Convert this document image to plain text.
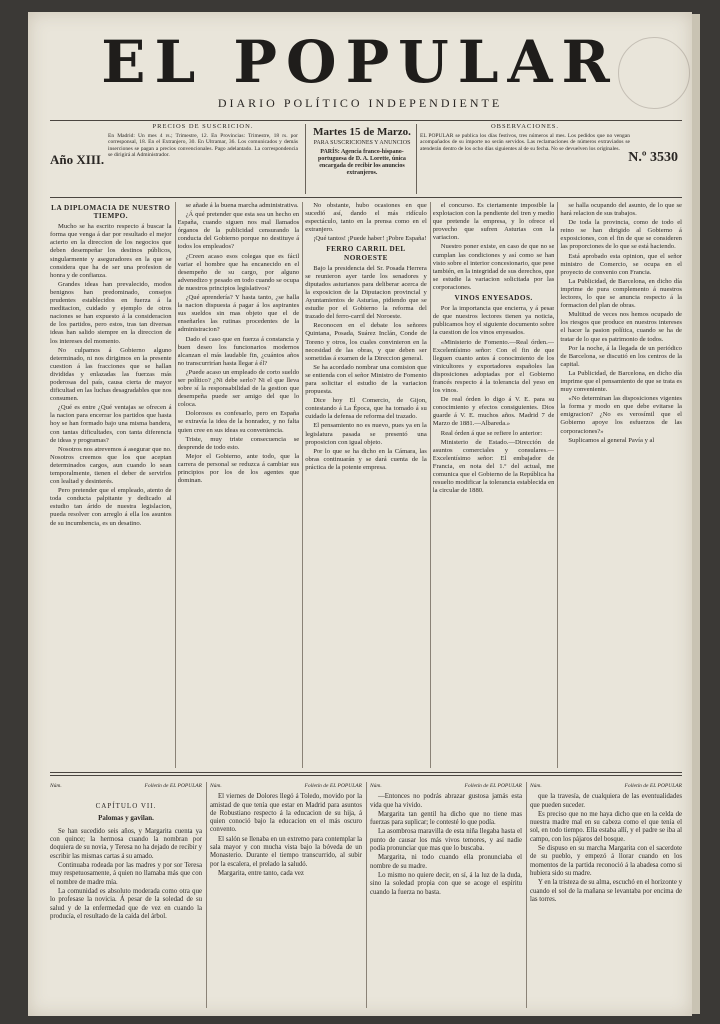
EL POPULAR
DIARIO POLÍTICO INDEPENDIENTE
Año XIII.
PRECIOS DE SUSCRICION.
En Madrid: Un mes 4 rs.; Trimestre, 12. En Provincias: Trimestre, 18 rs. por corresponsal, 18. En el Extranjero, 30. En Ultramar, 36. Los comunicados y demás inserciones se pagan a precios convencionales. Pago adelantado. La correspondencia se dirigirá al Administrador.
Martes 15 de Marzo.
PARA SUSCRICIONES Y ANUNCIOS
PARÍS: Agencia franco-hispano-portuguesa de D. A. Lorette, única encargada de recibir los anuncios extranjeros.
OBSERVACIONES.
EL POPULAR se publica los días festivos, tres números al mes. Los pedidos que no vengan acompañados de su importe no serán servidos. Las reclamaciones de números extraviados se atenderán dentro de los ocho días siguientes al de su fecha. No se devuelven los originales.
N.º 3530
LA DIPLOMACIA DE NUESTRO TIEMPO.

Mucho se ha escrito respecto á buscar la forma que venga á dar por resultado el mejor acierto en la direccion de los negocios que deben desempeñar los destinos públicos, singularmente y aseguradores en la que se considera que ha de ser una profesion de honra y de confianza.

Grandes ideas han prevalecido, modos benignos han predominado, consejos prudentes establecidos en fuerza á la meditacion, cuidado y ejemplo de otros naciones se han expuesto á la consideracion de los partidos, pero estos, tras tan diversas ideas han salido siempre en la direccion de los intereses del momento.

No culpamos á Gobierno alguno determinado, ni nos dirigimos en la presente cuestion á las fracciones que se hallan divididas y enlazadas las fuerzas más poderosas del país, causa cierta de mayor dificultad en las luchas desagradables que nos consumen.

¿Qué es entre ¿Qué ventajas se ofrecen á la nacion para encerrar los partidos que hasta hoy se han formado bajo una misma bandera, con tantas dificultades, con tanta diferencia de ideas y programas?

Nosotros nos atrevemos á asegurar que no. Nosotros creemos que los que aceptan determinados cargos, aun cuando lo sean temporalmente, tienen el deber de servirlos con lealtad y desinterés.

Pero pretender que el empleado, atento de toda conducta palpitante y dedicado al estudio tan árido de nuestra legislacion, pueda resolver con arreglo á ella los asuntos de su incumbencia, es un desatino.

se añade á la buena marcha administrativa.

¿Á qué pretender que esta sea un hecho en España, cuando siguen nos mal llamados órganos de la publicidad censurando la conducta del Gobierno porque no destituye á todos los empleados?

¿Creen acaso esos colegas que es fácil variar el hombre que ha encanecido en el desempeño de su cargo, por alguno advenedizo y pesado en todo cuando se ocupa de nuestros principios legislativos?

¿Qué aprendería? Y hasta tanto, ¿se halla la nacion dispuesta á pagar á los aspirantes sus sueldos sin mas objeto que el de enseñarles las rutinas procedentes de la administracion?

Dado el caso que en fuerza á constancia y buen deseo los funcionarios modernos alcanzan el más laudable fin, ¿cuántos años no transcurrirían hasta llegar á él?

¿Puede acaso un empleado de corto sueldo ser político? ¿Ni debe serlo? Ni el que lleva sobre sí la responsabilidad de la gestion que desempeña puede ser amigo del que lo coloca.

Dolorosos es confesarlo, pero en España se extravía la idea de la honradez, y no falta quien cree en sus ideas su conveniencia.

Triste, muy triste consecuencia se desprende de todo esto.

Mejor el Gobierno, ante todo, que la carrera de personal se reduzca á cambiar sus principios por los de los agentes que dominan.

No obstante, hubo ocasiones en que sucedió así, dando el más ridículo espectáculo, tanto en la prensa como en el extranjero.

¡Qué tantos! ¡Puede haber! ¡Pobre España!

FERRO CARRIL DEL NOROESTE

Bajo la presidencia del Sr. Posada Herrera se reunieron ayer tarde los senadores y diputados asturianos para deliberar acerca de la exposicion de la Diputacion provincial y Ayuntamientos de Asturias, pidiendo que se estudie por el Gobierno la reforma del trazado del ferro-carril del Noroeste.

Reconocen en el debate los señores Quintana, Posada, Suárez Inclán, Conde de Toreno y otros, los cuales convinieron en la necesidad de las obras, y que deben ser sometidas á examen de la Direccion general.

Se ha acordado nombrar una comision que se entienda con el señor Ministro de Fomento para solicitar el estudio de la variacion propuesta.

Dice hoy El Comercio, de Gijon, contestando á La Época, que ha tomado á su cuidado la defensa de reforma del trazado.

El pensamiento no es nuevo, pues ya en la legislatura pasada se presentó una proposicion con igual objeto.

Por lo que se ha dicho en la Cámara, las obras continuarán y se dará cuenta de la práctica de la potente empresa.

el concurso. Es ciertamente imposible la explotacion con la pendiente del tren y medio que pretende la empresa, y lo ofrece el provecho que sufren Asturias con la variacion.

Nuestro poner existe, en caso de que no se cumplan las condiciones y así como se han visto sobre el interior concesionario, que pese también, en la integridad de sus derechos, que se estudie la variacion solicitada por las corporaciones.

VINOS ENYESADOS.

Por la importancia que encierra, y á pesar de que nuestros lectores tienen ya noticia, publicamos hoy el siguiente documento sobre la cuestion de los vinos enyesados.

«Ministerio de Fomento.—Real órden.—Excelentísimo señor: Con el fin de que lleguen cuanto antes á conocimiento de los vinicultores y exportadores españoles las disposiciones adoptadas por el Gobierno francés respecto á la tolerancia del yeso en los vinos.

De real órden lo digo á V. E. para su conocimiento y efectos consiguientes. Dios guarde á V. E. muchos años. Madrid 7 de Marzo de 1881.—Albareda.»

Real órden á que se refiere lo anterior:

Ministerio de Estado.—Dirección de asuntos comerciales y consulares.—Excelentísimo señor: El embajador de Francia, en nota del 1.º del actual, me comunica que el Gobierno de la República ha resuelto modificar la tolerancia establecida en la circular de 1880.

se halla ocupando del asunto, de lo que se hará relacion de sus trabajos.

De toda la provincia, como de todo el reino se han dirigido al Gobierno á exposiciones, con el fin de que se consideren las proporciones de lo que se está haciendo.

Está aprobado esta opinion, que el señor ministro de Comercio, se ocupa en el proyecto de convenio con Francia.

La Publicidad, de Barcelona, en dicho día imprime de pura complemento á nuestros lectores, lo que se anuncia respecto á la formacion del plan de obras.

Multitud de veces nos hemos ocupado de los riesgos que produce en nuestros intereses el hacer la pasion política, cuando se ha de tratar de lo que es patrimonio de todos.

Por la noche, á la llegada de un periódico de Barcelona, se discutió en los centros de la capital.

La Publicidad, de Barcelona, en dicho día imprime que el pensamiento de que se trata es muy conveniente.

«No determinan las disposiciones vigentes la forma y modo en que debe evitarse la emigracion? ¿No es verosímil que el Gobierno apoye los esfuerzos de las corporaciones?»

Suplicamos al general Pavía y al

Núm.	Folletín de EL POPULAR
CAPÍTULO VII.
Palomas y gavilan.

Se han sucedido seis años, y Margarita cuenta ya con quince; la hermosa cuando la nombran por doquiera de su novia, y Teresa no ha dejado de recibir y escribir las mismas cartas á su amado.

Continuaba rodeada por las madres y por sor Teresa muy respetuosamente, á quien no llamaba más que con el nombre de madre mía.

La comunidad es absoluto moderada como otra que lo profesase la novicia. Á pesar de la soledad de su salud y de la enfermedad que de vez en cuando la producía, el resultado de la caída del árbol.

Núm.	Folletín de EL POPULAR

El viernes de Dolores llegó á Toledo, movido por la amistad de que tenía que estar en Madrid para asuntos de Robustiano respecto á la educacion de su hija, á quien conoció bajo la educacion en el más oscuro convento.

El salón se llenaba en un extremo para contemplar la sala mayor y con mucha vista bajo la bóveda de un Monasterio. Durante el tiempo transcurrido, al subir por la escalera, el prelado la saludó.

Margarita, entre tanto, cada vez

Núm.	Folletín de EL POPULAR

—Entonces no podrás abrazar gustosa jamás esta vida que ha vivido.

Margarita tan gentil ha dicho que no tiene mas fuerzas para suplicar; le contesté lo que podía.

La asombrosa maravilla de esta niña llegaba hasta el punto de causar los más vivos temores, y así nadie podía pronunciar que mas que lo buscaba.

Margarita, ni todo cuando ella pronunciaba el nombre de su madre.

Lo mismo no quiere decir, en sí, á la luz de la duda, sino la soledad propia con que se acoge el espíritu cuando la fuerza no basta.

Núm.	Folletín de EL POPULAR

que la travesía, de cualquiera de las eventualidades que pueden suceder.

Es preciso que no me haya dicho que en la celda de nuestra madre mal en su cabeza como el que tenía el sol, en todo tiempo. Ella estaba allí, y el padre se iba al campo, con los pájaros del bosque.

Se dispuso en su marcha Margarita con el sacerdote de su pueblo, y empezó á llorar cuando en los momentos de la partida reconoció á la abadesa como si hubiera sido su madre.

Y en la tristeza de su alma, escuchó en el horizonte y cuando el sol de la mañana se levantaba por encima de las torres.
